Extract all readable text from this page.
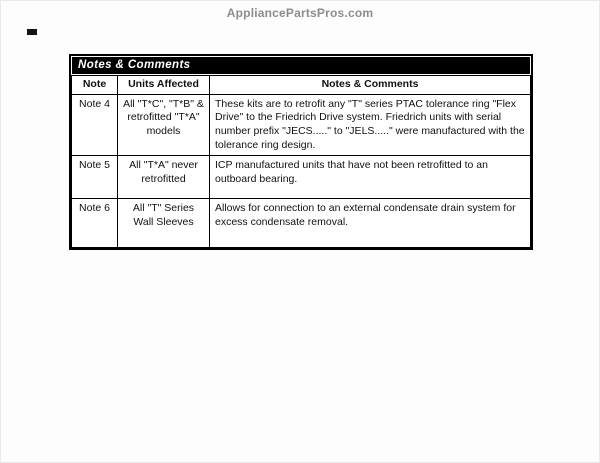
AppliancePartsPros.com
Notes & Comments
Note	Units Affected	Notes & Comments
Note 4	All "T*C", "T*B" & retrofitted "T*A" models	These kits are to retrofit any "T" series PTAC tolerance ring "Flex Drive" to the Friedrich Drive system. Friedrich units with serial number prefix "JECS....." to "JELS....." were manufactured with the tolerance ring design.
Note 5	All "T*A" never retrofitted	ICP manufactured units that have not been retrofitted to an outboard bearing.
Note 6	All "T" Series Wall Sleeves	Allows for connection to an external condensate drain system for excess condensate removal.
